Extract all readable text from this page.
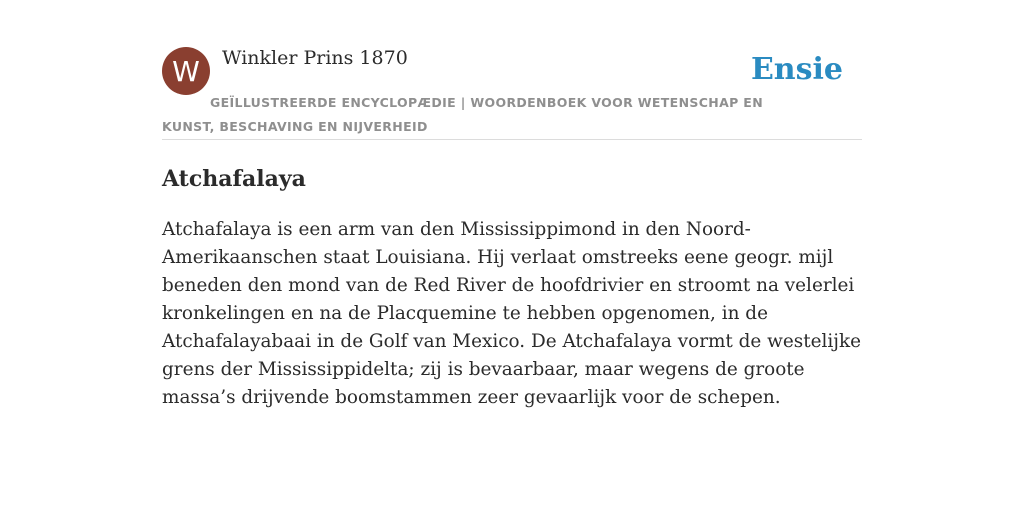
W Winkler Prins 1870	Ensie
GEÏLLUSTREERDE ENCYCLOPÆDIE | WOORDENBOEK VOOR WETENSCHAP EN KUNST, BESCHAVING EN NIJVERHEID
Atchafalaya

Atchafalaya is een arm van den Mississippimond in den Noord-Amerikaanschen staat Louisiana. Hij verlaat omstreeks eene geogr. mijl beneden den mond van de Red River de hoofdrivier en stroomt na velerlei kronkelingen en na de Placquemine te hebben opgenomen, in de Atchafalayabaai in de Golf van Mexico. De Atchafalaya vormt de westelijke grens der Mississippidelta; zij is bevaarbaar, maar wegens de groote massa’s drijvende boomstammen zeer gevaarlijk voor de schepen.
